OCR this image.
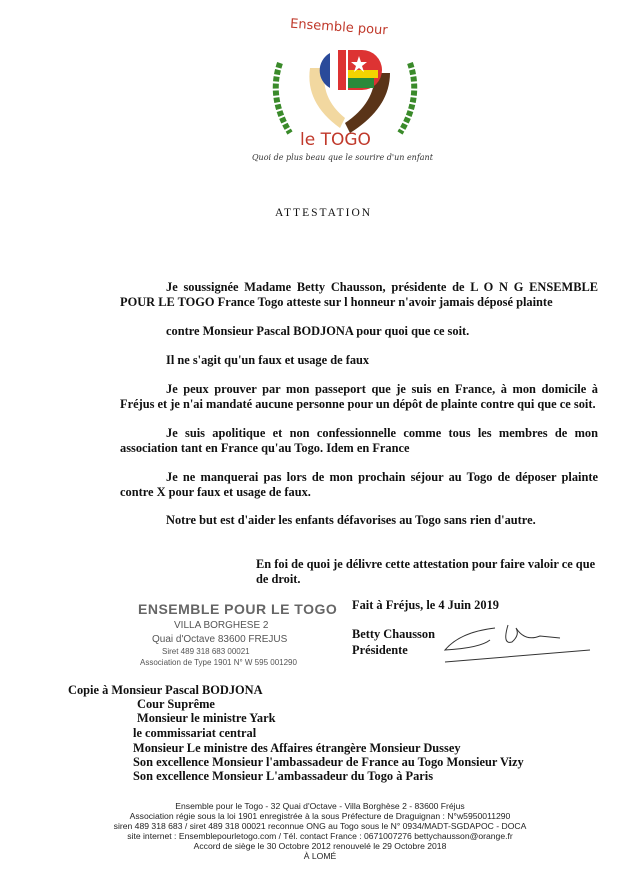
Ensemble pour
le TOGO
Quoi de plus beau que le sourire d'un enfant
ATTESTATION
Je soussignée Madame Betty Chausson, présidente de L O N G ENSEMBLE
POUR LE TOGO France Togo atteste sur l honneur n'avoir jamais déposé plainte
contre Monsieur Pascal BODJONA pour quoi que ce soit.
Il ne s'agit qu'un faux et usage de faux
Je peux prouver par mon passeport que je suis en France, à mon domicile à
Fréjus et je n'ai mandaté aucune personne pour un dépôt de plainte contre qui que ce soit.
Je suis apolitique et non confessionnelle comme tous les membres de mon
association tant en France qu'au Togo. Idem en France
Je ne manquerai pas lors de mon prochain séjour au Togo de déposer plainte
contre X pour faux et usage de faux.
Notre but est d'aider les enfants défavorises au Togo sans rien d'autre.
En foi de quoi je délivre cette attestation pour faire valoir ce que
de droit.
ENSEMBLE POUR LE TOGO
VILLA BORGHESE 2
Quai d'Octave 83600 FREJUS
Siret 489 318 683 00021
Association de Type 1901 N° W 595 001290
Fait à Fréjus, le 4 Juin 2019
Betty Chausson
Présidente
Copie à Monsieur Pascal BODJONA
Cour Suprême
Monsieur le ministre Yark
le commissariat central
Monsieur Le ministre des Affaires étrangère Monsieur Dussey
Son excellence Monsieur l'ambassadeur de France au Togo Monsieur Vizy
Son excellence Monsieur L'ambassadeur du Togo à Paris
Ensemble pour le Togo - 32 Quai d'Octave - Villa Borghèse 2 - 83600 Fréjus
Association régie sous la loi 1901 enregistrée à la sous Préfecture de Draguignan : N°w5950011290
siren 489 318 683 / siret 489 318 00021 reconnue ONG au Togo sous le N° 0934/MADT-SGDAPOC - DOCA
site internet : Ensemblepourletogo.com / Tél. contact France : 0671007276 bettychausson@orange.fr
Accord de siège le 30 Octobre 2012 renouvelé le 29 Octobre 2018
À LOMÉ
